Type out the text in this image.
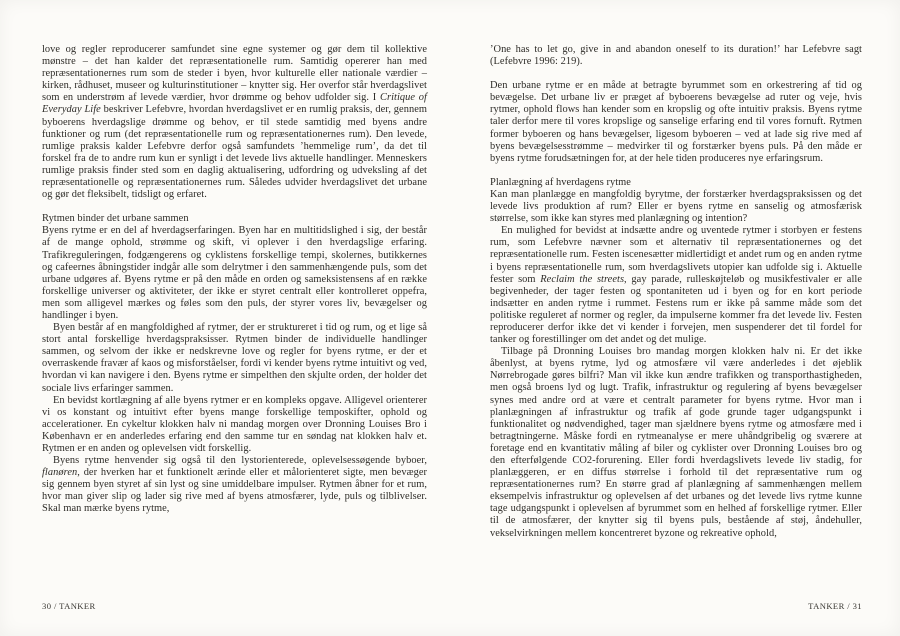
love og regler reproducerer samfundet sine egne systemer og gør dem til kollektive mønstre – det han kalder det repræsentationelle rum. Samtidig opererer han med repræsentationernes rum som de steder i byen, hvor kulturelle eller nationale værdier – kirken, rådhuset, museer og kulturinstitutioner – knytter sig. Her overfor står hverdagslivet som en understrøm af levede værdier, hvor drømme og behov udfolder sig. I Critique of Everyday Life beskriver Lefebvre, hvordan hverdagslivet er en rumlig praksis, der, gennem byboerens hverdagslige drømme og behov, er til stede samtidig med byens andre funktioner og rum (det repræsentationelle rum og repræsentationernes rum). Den levede, rumlige praksis kalder Lefebvre derfor også samfundets ’hemmelige rum’, da det til forskel fra de to andre rum kun er synligt i det levede livs aktuelle handlinger. Menneskers rumlige praksis finder sted som en daglig aktualisering, udfordring og udveksling af det repræsentationelle og repræsentationernes rum. Således udvider hverdagslivet det urbane og gør det fleksibelt, tidsligt og erfaret.

Rytmen binder det urbane sammen

Byens rytme er en del af hverdagserfaringen. Byen har en multitidslighed i sig, der består af de mange ophold, strømme og skift, vi oplever i den hverdagslige erfaring. Trafikreguleringen, fodgængerens og cyklistens forskellige tempi, skolernes, butikkernes og cafeernes åbningstider indgår alle som delrytmer i den sammenhængende puls, som det urbane udgøres af. Byens rytme er på den måde en orden og sameksistensens af en række forskellige universer og aktiviteter, der ikke er styret centralt eller kontrolleret oppefra, men som alligevel mærkes og føles som den puls, der styrer vores liv, bevægelser og handlinger i byen.

Byen består af en mangfoldighed af rytmer, der er struktureret i tid og rum, og et lige så stort antal forskellige hverdagspraksisser. Rytmen binder de individuelle handlinger sammen, og selvom der ikke er nedskrevne love og regler for byens rytme, er der et overraskende fravær af kaos og misforståelser, fordi vi kender byens rytme intuitivt og ved, hvordan vi kan navigere i den. Byens rytme er simpelthen den skjulte orden, der holder det sociale livs erfaringer sammen.

En bevidst kortlægning af alle byens rytmer er en kompleks opgave. Alligevel orienterer vi os konstant og intuitivt efter byens mange forskellige temposkifter, ophold og accelerationer. En cykeltur klokken halv ni mandag morgen over Dronning Louises Bro i København er en anderledes erfaring end den samme tur en søndag nat klokken halv et. Rytmen er en anden og oplevelsen vidt forskellig.

Byens rytme henvender sig også til den lystorienterede, oplevelsessøgende byboer, flanøren, der hverken har et funktionelt ærinde eller et målorienteret sigte, men bevæger sig gennem byen styret af sin lyst og sine umiddelbare impulser. Rytmen åbner for et rum, hvor man giver slip og lader sig rive med af byens atmosfærer, lyde, puls og tilblivelser. Skal man mærke byens rytme,

’One has to let go, give in and abandon oneself to its duration!’ har Lefebvre sagt (Lefebvre 1996: 219).

Den urbane rytme er en måde at betragte byrummet som en orkestrering af tid og bevægelse. Det urbane liv er præget af byboerens bevægelse ad ruter og veje, hvis rytmer, ophold flows han kender som en kropslig og ofte intuitiv praksis. Byens rytme taler derfor mere til vores kropslige og sanselige erfaring end til vores fornuft. Rytmen former byboeren og hans bevægelser, ligesom byboeren – ved at lade sig rive med af byens bevægelsesstrømme – medvirker til og forstærker byens puls. På den måde er byens rytme forudsætningen for, at der hele tiden produceres nye erfaringsrum.

Planlægning af hverdagens rytme

Kan man planlægge en mangfoldig byrytme, der forstærker hverdagspraksissen og det levede livs produktion af rum? Eller er byens rytme en sanselig og atmosfærisk størrelse, som ikke kan styres med planlægning og intention?

En mulighed for bevidst at indsætte andre og uventede rytmer i storbyen er festens rum, som Lefebvre nævner som et alternativ til repræsentationernes og det repræsentationelle rum. Festen iscenesætter midlertidigt et andet rum og en anden rytme i byens repræsentationelle rum, som hverdagslivets utopier kan udfolde sig i. Aktuelle fester som Reclaim the streets, gay parade, rulleskøjteløb og musikfestivaler er alle begivenheder, der tager festen og spontaniteten ud i byen og for en kort periode indsætter en anden rytme i rummet. Festens rum er ikke på samme måde som det politiske reguleret af normer og regler, da impulserne kommer fra det levede liv. Festen reproducerer derfor ikke det vi kender i forvejen, men suspenderer det til fordel for tanker og forestillinger om det andet og det mulige.

Tilbage på Dronning Louises bro mandag morgen klokken halv ni. Er det ikke åbenlyst, at byens rytme, lyd og atmosfære vil være anderledes i det øjeblik Nørrebrogade gøres bilfri? Man vil ikke kun ændre trafikken og transporthastigheden, men også broens lyd og lugt. Trafik, infrastruktur og regulering af byens bevægelser synes med andre ord at være et centralt parameter for byens rytme. Hvor man i planlægningen af infrastruktur og trafik af gode grunde tager udgangspunkt i funktionalitet og nødvendighed, tager man sjældnere byens rytme og atmosfære med i betragtningerne. Måske fordi en rytmeanalyse er mere uhåndgribelig og sværere at foretage end en kvantitativ måling af biler og cyklister over Dronning Louises bro og den efterfølgende CO2-forurening. Eller fordi hverdagslivets levede liv stadig, for planlæggeren, er en diffus størrelse i forhold til det repræsentative rum og repræsentationernes rum? En større grad af planlægning af sammenhængen mellem eksempelvis infrastruktur og oplevelsen af det urbanes og det levede livs rytme kunne tage udgangspunkt i oplevelsen af byrummet som en helhed af forskellige rytmer. Eller til de atmosfærer, der knytter sig til byens puls, bestående af støj, åndehuller, vekselvirkningen mellem koncentreret byzone og rekreative ophold,

30 / TANKER	TANKER / 31
